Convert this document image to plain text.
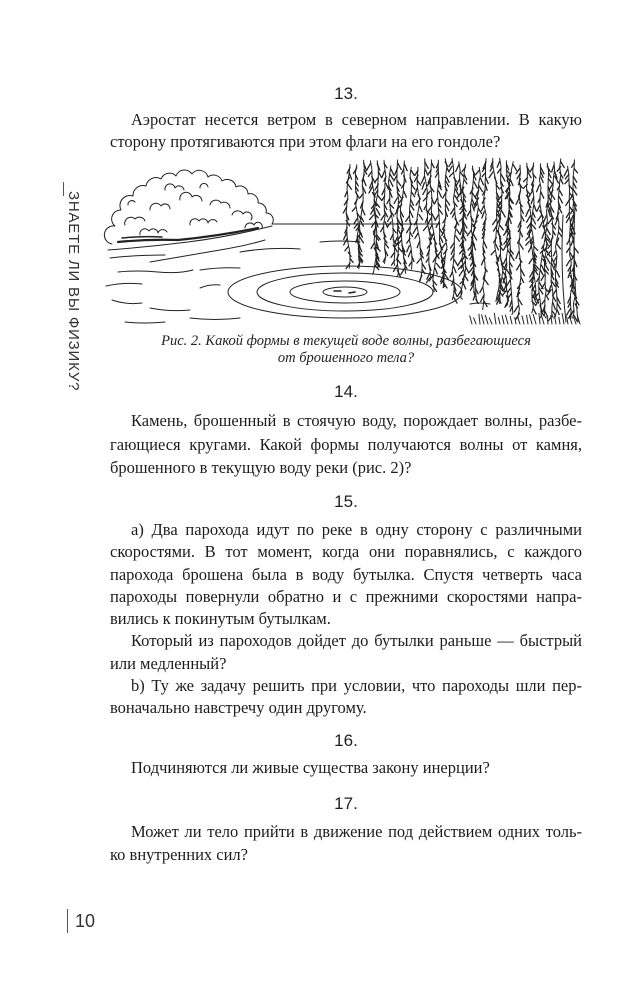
ЗНАЕТЕ ЛИ ВЫ ФИЗИКУ?
10
13.
Аэростат несется ветром в северном направлении. В какую
сторону протягиваются при этом флаги на его гондоле?
Рис. 2. Какой формы в текущей воде волны, разбегающиеся
от брошенного тела?
14.
Камень, брошенный в стоячую воду, порождает волны, разбе-
гающиеся кругами. Какой формы получаются волны от камня,
брошенного в текущую воду реки (рис. 2)?
15.
а) Два парохода идут по реке в одну сторону с различными
скоростями. В тот момент, когда они поравнялись, с каждого
парохода брошена была в воду бутылка. Спустя четверть часа
пароходы повернули обратно и с прежними скоростями напра-
вились к покинутым бутылкам.
Который из пароходов дойдет до бутылки раньше — быстрый
или медленный?
b) Ту же задачу решить при условии, что пароходы шли пер-
воначально навстречу один другому.
16.
Подчиняются ли живые существа закону инерции?
17.
Может ли тело прийти в движение под действием одних толь-
ко внутренних сил?
